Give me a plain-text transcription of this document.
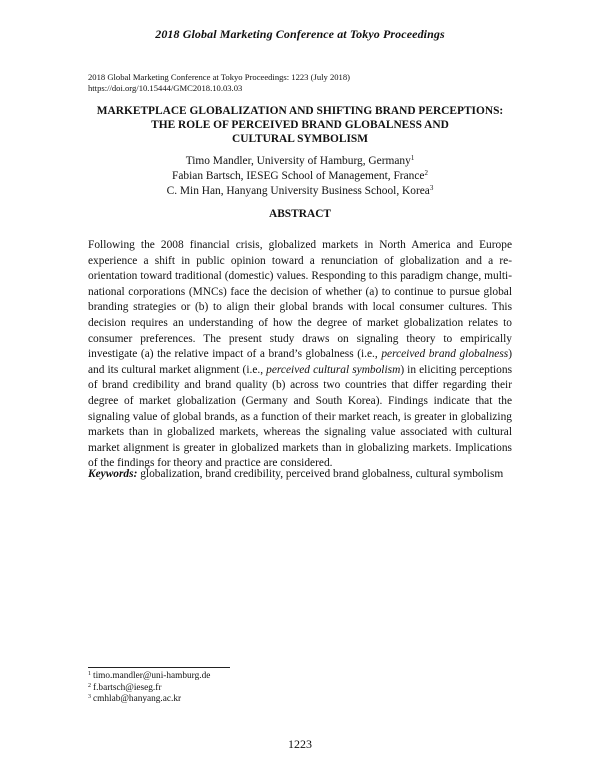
2018 Global Marketing Conference at Tokyo Proceedings
2018 Global Marketing Conference at Tokyo Proceedings: 1223 (July 2018)
https://doi.org/10.15444/GMC2018.10.03.03
MARKETPLACE GLOBALIZATION AND SHIFTING BRAND PERCEPTIONS:
THE ROLE OF PERCEIVED BRAND GLOBALNESS AND
CULTURAL SYMBOLISM
Timo Mandler, University of Hamburg, Germany$^1$
Fabian Bartsch, IESEG School of Management, France$^2$
C. Min Han, Hanyang University Business School, Korea$^3$
ABSTRACT
Following the 2008 financial crisis, globalized markets in North America and Europe experience a shift in public opinion toward a renunciation of globalization and a re-orientation toward traditional (domestic) values. Responding to this paradigm change, multi-national corporations (MNCs) face the decision of whether (a) to continue to pursue global branding strategies or (b) to align their global brands with local consumer cultures. This decision requires an understanding of how the degree of market globalization relates to consumer preferences. The present study draws on signaling theory to empirically investigate (a) the relative impact of a brand’s globalness (i.e., perceived brand globalness) and its cultural market alignment (i.e., perceived cultural symbolism) in eliciting perceptions of brand credibility and brand quality (b) across two countries that differ regarding their degree of market globalization (Germany and South Korea). Findings indicate that the signaling value of global brands, as a function of their market reach, is greater in globalizing markets than in globalized markets, whereas the signaling value associated with cultural market alignment is greater in globalized markets than in globalizing markets. Implications of the findings for theory and practice are considered.
Keywords: globalization, brand credibility, perceived brand globalness, cultural symbolism
$^1$ timo.mandler@uni-hamburg.de
$^2$ f.bartsch@ieseg.fr
$^3$ cmhlab@hanyang.ac.kr
1223
